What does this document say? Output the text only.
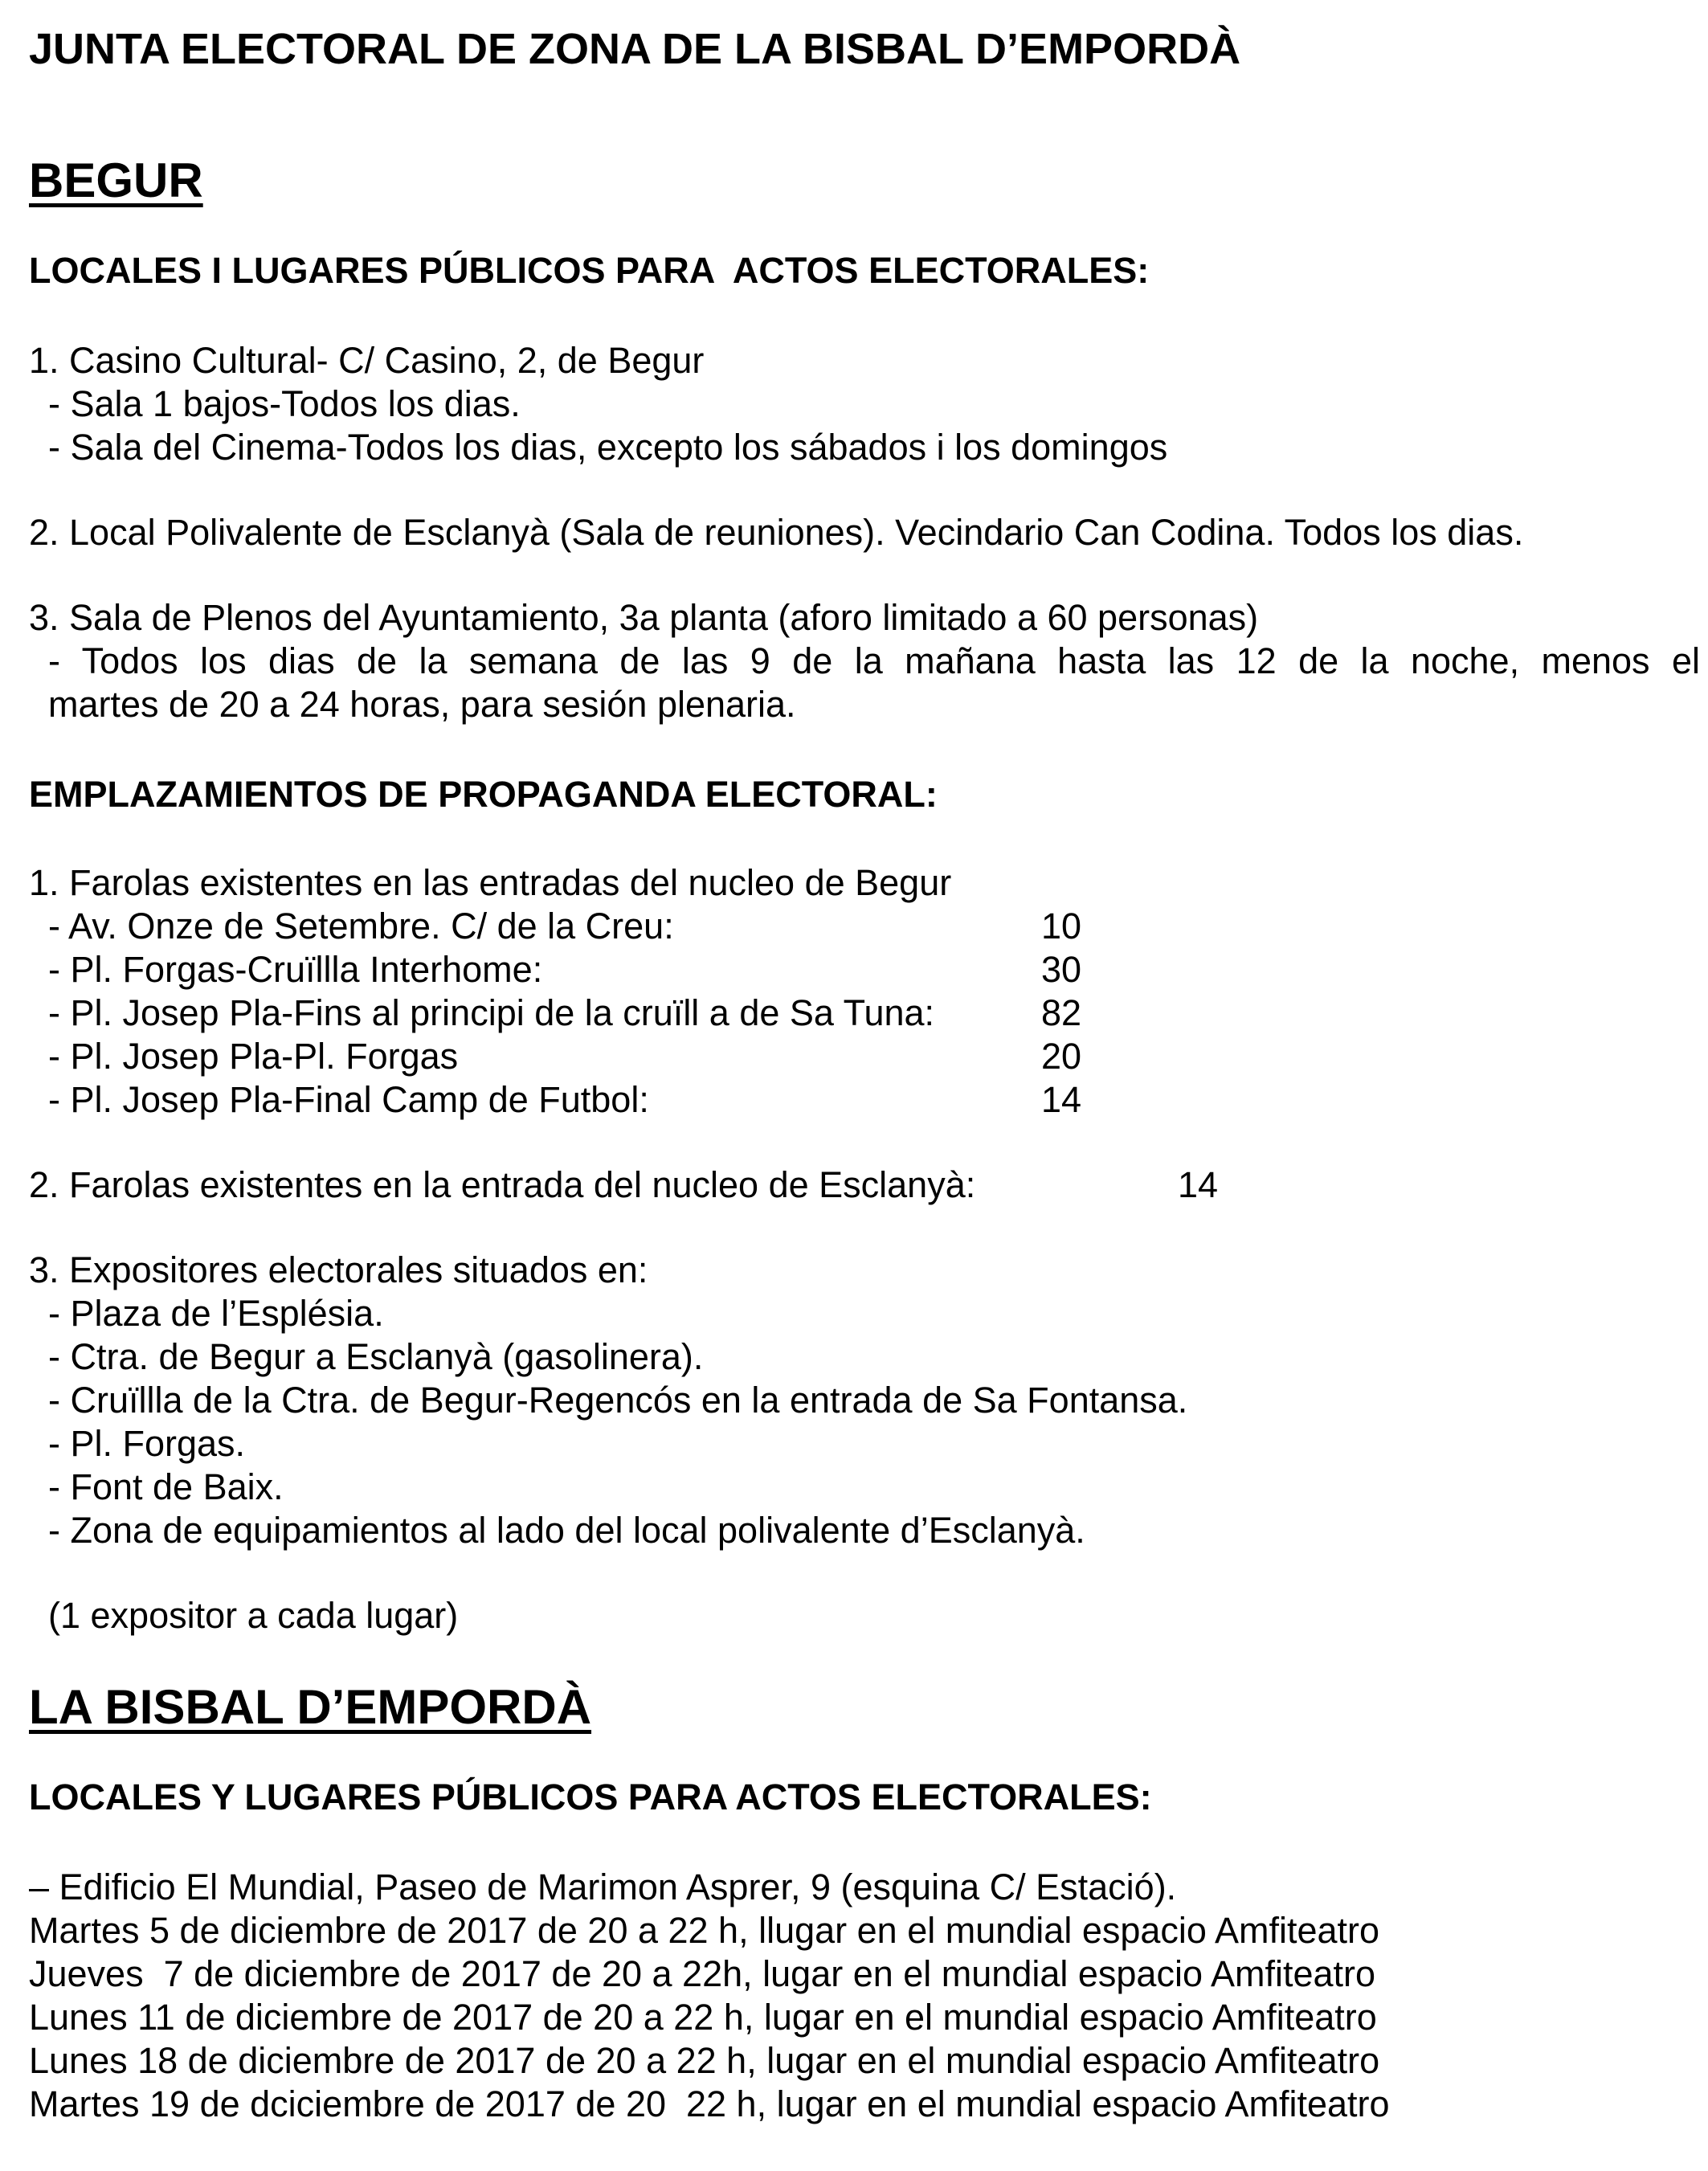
JUNTA ELECTORAL DE ZONA DE LA BISBAL D’EMPORDÀ
BEGUR
LOCALES I LUGARES PÚBLICOS PARA  ACTOS ELECTORALES:
1. Casino Cultural- C/ Casino, 2, de Begur
- Sala 1 bajos-Todos los dias.
- Sala del Cinema-Todos los dias, excepto los sábados i los domingos
2. Local Polivalente de Esclanyà (Sala de reuniones). Vecindario Can Codina. Todos los dias.
3. Sala de Plenos del Ayuntamiento, 3a planta (aforo limitado a 60 personas)
- Todos los dias de la semana de las 9 de la mañana hasta las 12 de la noche, menos el
martes de 20 a 24 horas, para sesión plenaria.
EMPLAZAMIENTOS DE PROPAGANDA ELECTORAL:
1. Farolas existentes en las entradas del nucleo de Begur
- Av. Onze de Setembre. C/ de la Creu:	10
- Pl. Forgas-Cruïllla Interhome:	30
- Pl. Josep Pla-Fins al principi de la cruïll a de Sa Tuna:	82
- Pl. Josep Pla-Pl. Forgas	20
- Pl. Josep Pla-Final Camp de Futbol:	14
2. Farolas existentes en la entrada del nucleo de Esclanyà:	14
3. Expositores electorales situados en:
- Plaza de l’Esplésia.
- Ctra. de Begur a Esclanyà (gasolinera).
- Cruïllla de la Ctra. de Begur-Regencós en la entrada de Sa Fontansa.
- Pl. Forgas.
- Font de Baix.
- Zona de equipamientos al lado del local polivalente d’Esclanyà.
(1 expositor a cada lugar)
LA BISBAL D’EMPORDÀ
LOCALES Y LUGARES PÚBLICOS PARA ACTOS ELECTORALES:
– Edificio El Mundial, Paseo de Marimon Asprer, 9 (esquina C/ Estació).
Martes 5 de diciembre de 2017 de 20 a 22 h, llugar en el mundial espacio Amfiteatro
Jueves  7 de diciembre de 2017 de 20 a 22h, lugar en el mundial espacio Amfiteatro
Lunes 11 de diciembre de 2017 de 20 a 22 h, lugar en el mundial espacio Amfiteatro
Lunes 18 de diciembre de 2017 de 20 a 22 h, lugar en el mundial espacio Amfiteatro
Martes 19 de dciciembre de 2017 de 20  22 h, lugar en el mundial espacio Amfiteatro
